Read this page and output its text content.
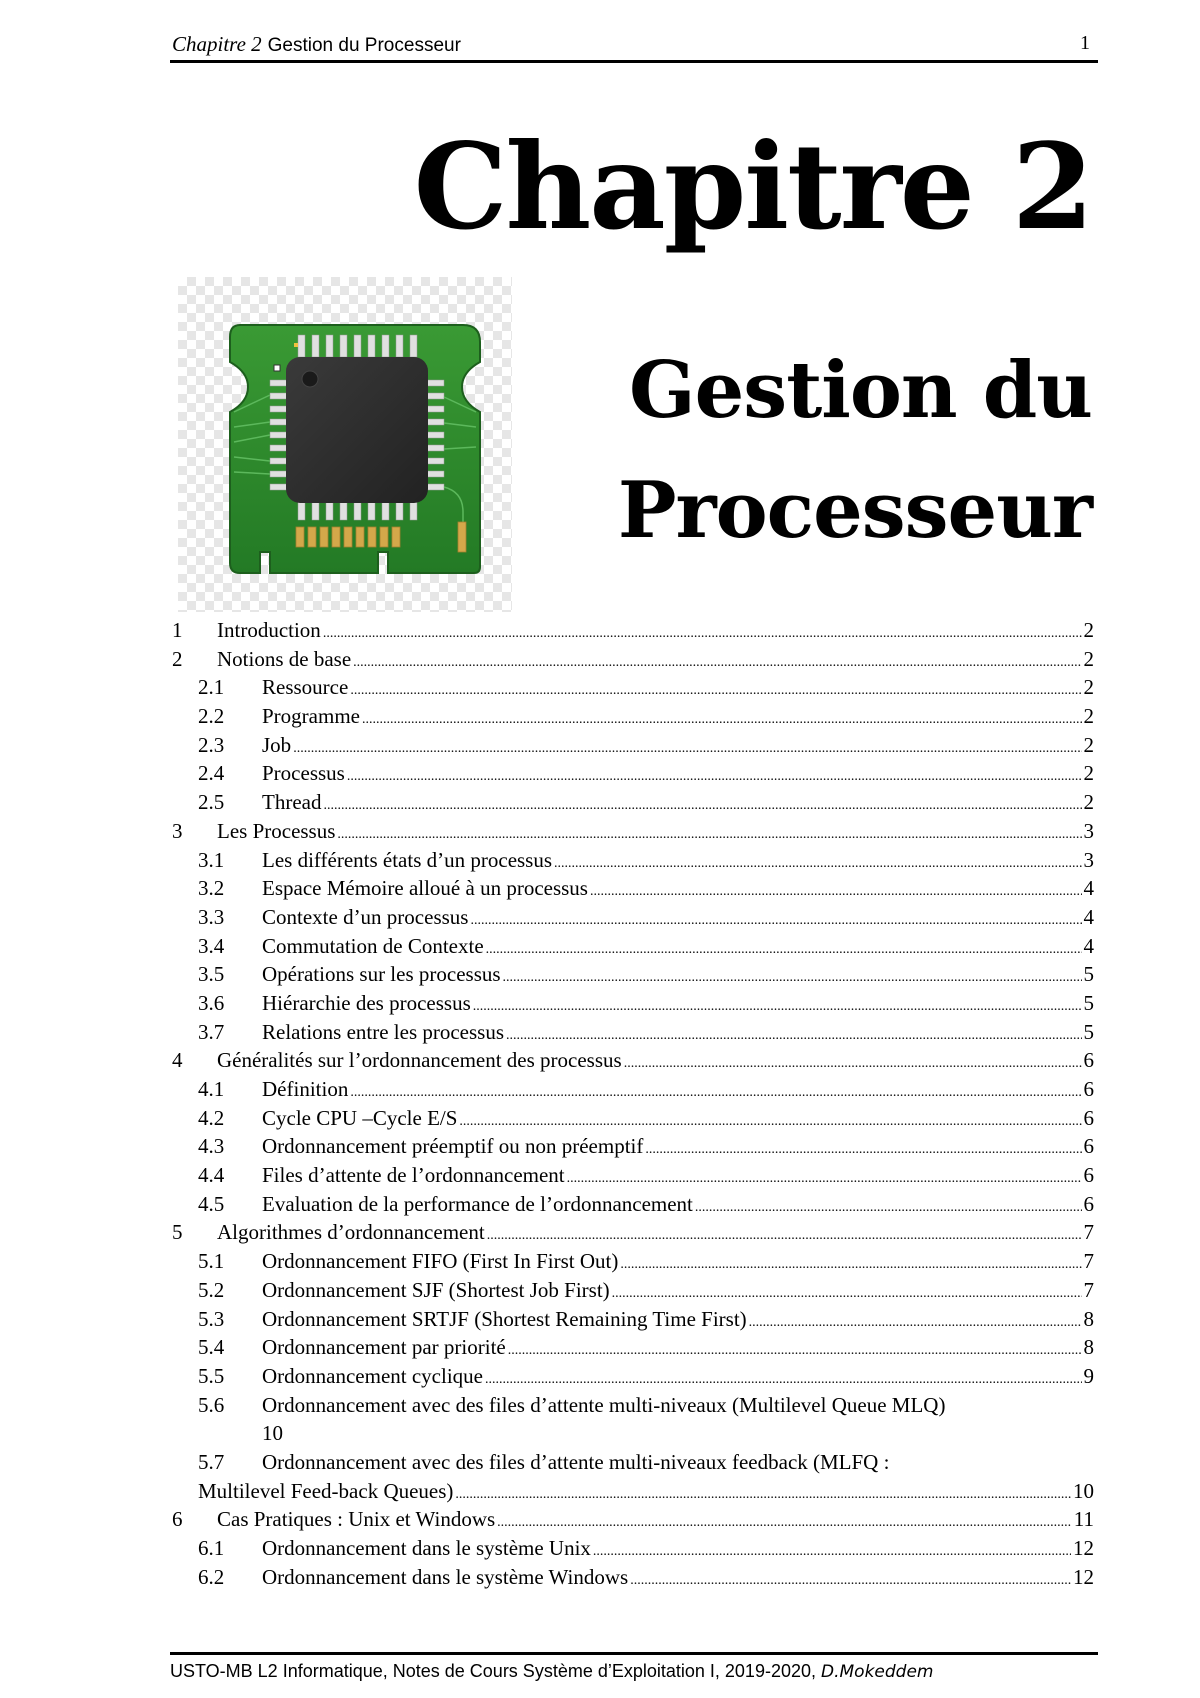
Chapitre 2 Gestion du Processeur	1
Chapitre 2
Gestion du
Processeur
1 Introduction .....	2
2 Notions de base .....	2
2.1 Ressource .....	2
2.2 Programme .....	2
2.3 Job .....	2
2.4 Processus .....	2
2.5 Thread .....	2
3 Les Processus .....	3
3.1 Les différents états d’un processus .....	3
3.2 Espace Mémoire alloué à un processus .....	4
3.3 Contexte d’un processus .....	4
3.4 Commutation de Contexte .....	4
3.5 Opérations sur les processus .....	5
3.6 Hiérarchie des processus .....	5
3.7 Relations entre les processus .....	5
4 Généralités sur l’ordonnancement des processus .....	6
4.1 Définition .....	6
4.2 Cycle CPU –Cycle E/S .....	6
4.3 Ordonnancement préemptif ou non préemptif .....	6
4.4 Files d’attente de l’ordonnancement .....	6
4.5 Evaluation de la performance de l’ordonnancement .....	6
5 Algorithmes d’ordonnancement .....	7
5.1 Ordonnancement FIFO (First In First Out) .....	7
5.2 Ordonnancement SJF (Shortest Job First) .....	7
5.3 Ordonnancement SRTJF (Shortest Remaining Time First) .....	8
5.4 Ordonnancement par priorité .....	8
5.5 Ordonnancement cyclique .....	9
5.6 Ordonnancement avec des files d’attente multi-niveaux (Multilevel Queue MLQ)
10
5.7 Ordonnancement avec des files d’attente multi-niveaux feedback (MLFQ :
Multilevel Feed-back Queues) .....	10
6 Cas Pratiques : Unix et Windows .....	11
6.1 Ordonnancement dans le système Unix .....	12
6.2 Ordonnancement dans le système Windows .....	12
USTO-MB L2 Informatique, Notes de Cours Système d’Exploitation I, 2019-2020, D.Mokeddem
